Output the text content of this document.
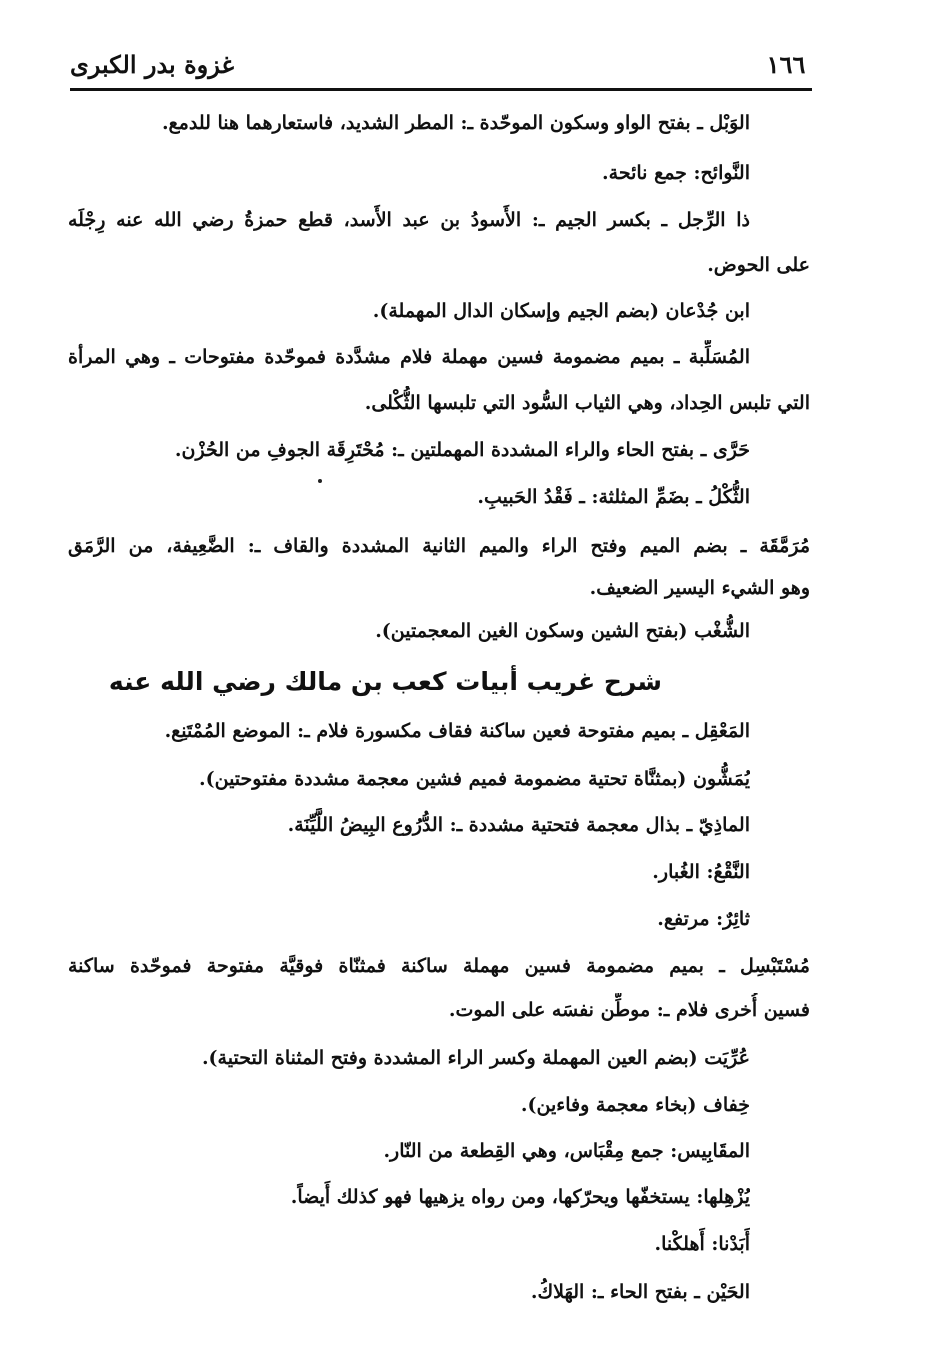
١٦٦
غزوة بدر الكبرى
الوَبْل ـ بفتح الواو وسكون الموحّدة ـ: المطر الشديد، فاستعارهما هنا للدمع.
النَّوائح: جمع نائحة.
ذا الرِّجل ـ بكسر الجيم ـ: الأَسودُ بن عبد الأَسد، قطع حمزةُ رضي الله عنه رِجْلَه
على الحوض.
ابن جُدْعان (بضم الجيم وإسكان الدال المهملة).
المُسَلِّبة ـ بميم مضمومة فسين مهملة فلام مشدَّدة فموحّدة مفتوحات ـ وهي المرأة
التي تلبس الحِداد، وهي الثياب السُّود التي تلبسها الثُّكْلى.
حَرَّى ـ بفتح الحاء والراء المشددة المهملتين ـ: مُحْتَرِقَة الجوفِ من الحُزْن.
الثُّكْلُ ـ بضَمِّ المثلثة: ـ فَقْدُ الحَبيبِ.
مُرَمَّقَة ـ بضم الميم وفتح الراء والميم الثانية المشددة والقاف ـ: الضَّعِيفة، من الرَّمَق
وهو الشيء اليسير الضعيف.
الشُّغْب (بفتح الشين وسكون الغين المعجمتين).
شرح غريب أبيات كعب بن مالك رضي الله عنه
المَعْقِل ـ بميم مفتوحة فعين ساكنة فقاف مكسورة فلام ـ: الموضع المُمْتَنِع.
يُمَشُّون (بمثنَّاة تحتية مضمومة فميم فشين معجمة مشددة مفتوحتين).
الماذِيّ ـ بذال معجمة فتحتية مشددة ـ: الدُّرُوع البِيضُ اللَّيِّنَة.
النَّقْعُ: الغُبار.
ثائِرٌ: مرتفع.
مُسْتَبْسِل ـ بميم مضمومة فسين مهملة ساكنة فمثنّاة فوقيَّة مفتوحة فموحّدة ساكنة
فسين أُخرى فلام ـ: موطِّن نفسَه على الموت.
عُرِّيَت (بضم العين المهملة وكسر الراء المشددة وفتح المثناة التحتية).
خِفاف (بخاء معجمة وفاءين).
المقَابِيس: جمع مِقْبَاس، وهي القِطعة من النّار.
يُزْهِلها: يستخفّها ويحرّكها، ومن رواه يزهيها فهو كذلك أَيضاً.
أَبَدْنا: أَهلكْنا.
الحَيْن ـ بفتح الحاء ـ: الهَلاكُ.
